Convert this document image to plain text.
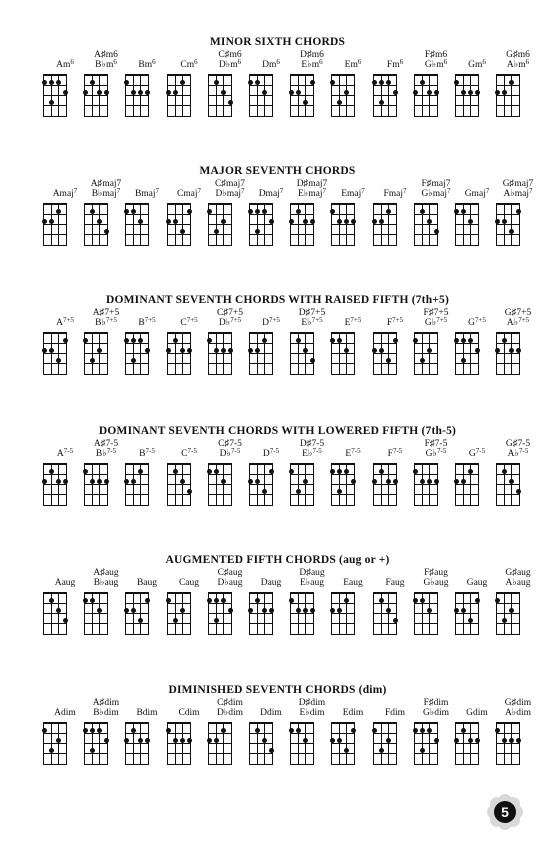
MINOR SIXTH CHORDS
Am$^6$
A♯m6
$B♭m^6$	Bm$^6$	Cm$^6$
C♯m6
$D♭m^6$	Dm$^6$
D♯m6
$E♭m^6$	Em$^6$	Fm$^6$
F♯m6
$G♭m^6$	Gm$^6$
G♯m6
$A♭m^6$
MAJOR SEVENTH CHORDS
Amaj$^7$
A♯maj7
B♭maj$^7$	Bmaj$^7$	Cmaj$^7$
C♯maj7
D♭maj$^7$	Dmaj$^7$
D♯maj7
E♭maj$^7$	Emaj$^7$	Fmaj$^7$
F♯maj7
G♭maj$^7$	Gmaj$^7$
G♯maj7
A♭maj$^7$
DOMINANT SEVENTH CHORDS WITH RAISED FIFTH (7th+5)
$A^{7+5}$
A♯7+5
B♭$^{7+5}$	$B^{7+5}$	$C^{7+5}$
C♯7+5
D♭$^{7+5}$	$D^{7+5}$
D♯7+5
E♭$^{7+5}$	$E^{7+5}$	$F^{7+5}$
F♯7+5
G♭$^{7+5}$	$G^{7+5}$
G♯7+5
A♭$^{7+5}$
DOMINANT SEVENTH CHORDS WITH LOWERED FIFTH (7th-5)
$A^{7-5}$
A♯7-5
B♭$^{7-5}$	$B^{7-5}$	$C^{7-5}$
C♯7-5
D♭$^{7-5}$	$D^{7-5}$
D♯7-5
E♭$^{7-5}$	$E^{7-5}$	$F^{7-5}$
F♯7-5
G♭$^{7-5}$	$G^{7-5}$
G♯7-5
A♭$^{7-5}$
AUGMENTED FIFTH CHORDS (aug or +)
Aaug
A♯aug
B♭aug	Baug	Caug
C♯aug
D♭aug	Daug
D♯aug
E♭aug	Eaug	Faug
F♯aug
G♭aug	Gaug
G♯aug
A♭aug
DIMINISHED SEVENTH CHORDS (dim)
Adim
A♯dim
B♭dim	Bdim	Cdim
C♯dim
D♭dim	Ddim
D♯dim
E♭dim	Edim	Fdim
F♯dim
G♭dim	Gdim
G♯dim
A♭dim
5
